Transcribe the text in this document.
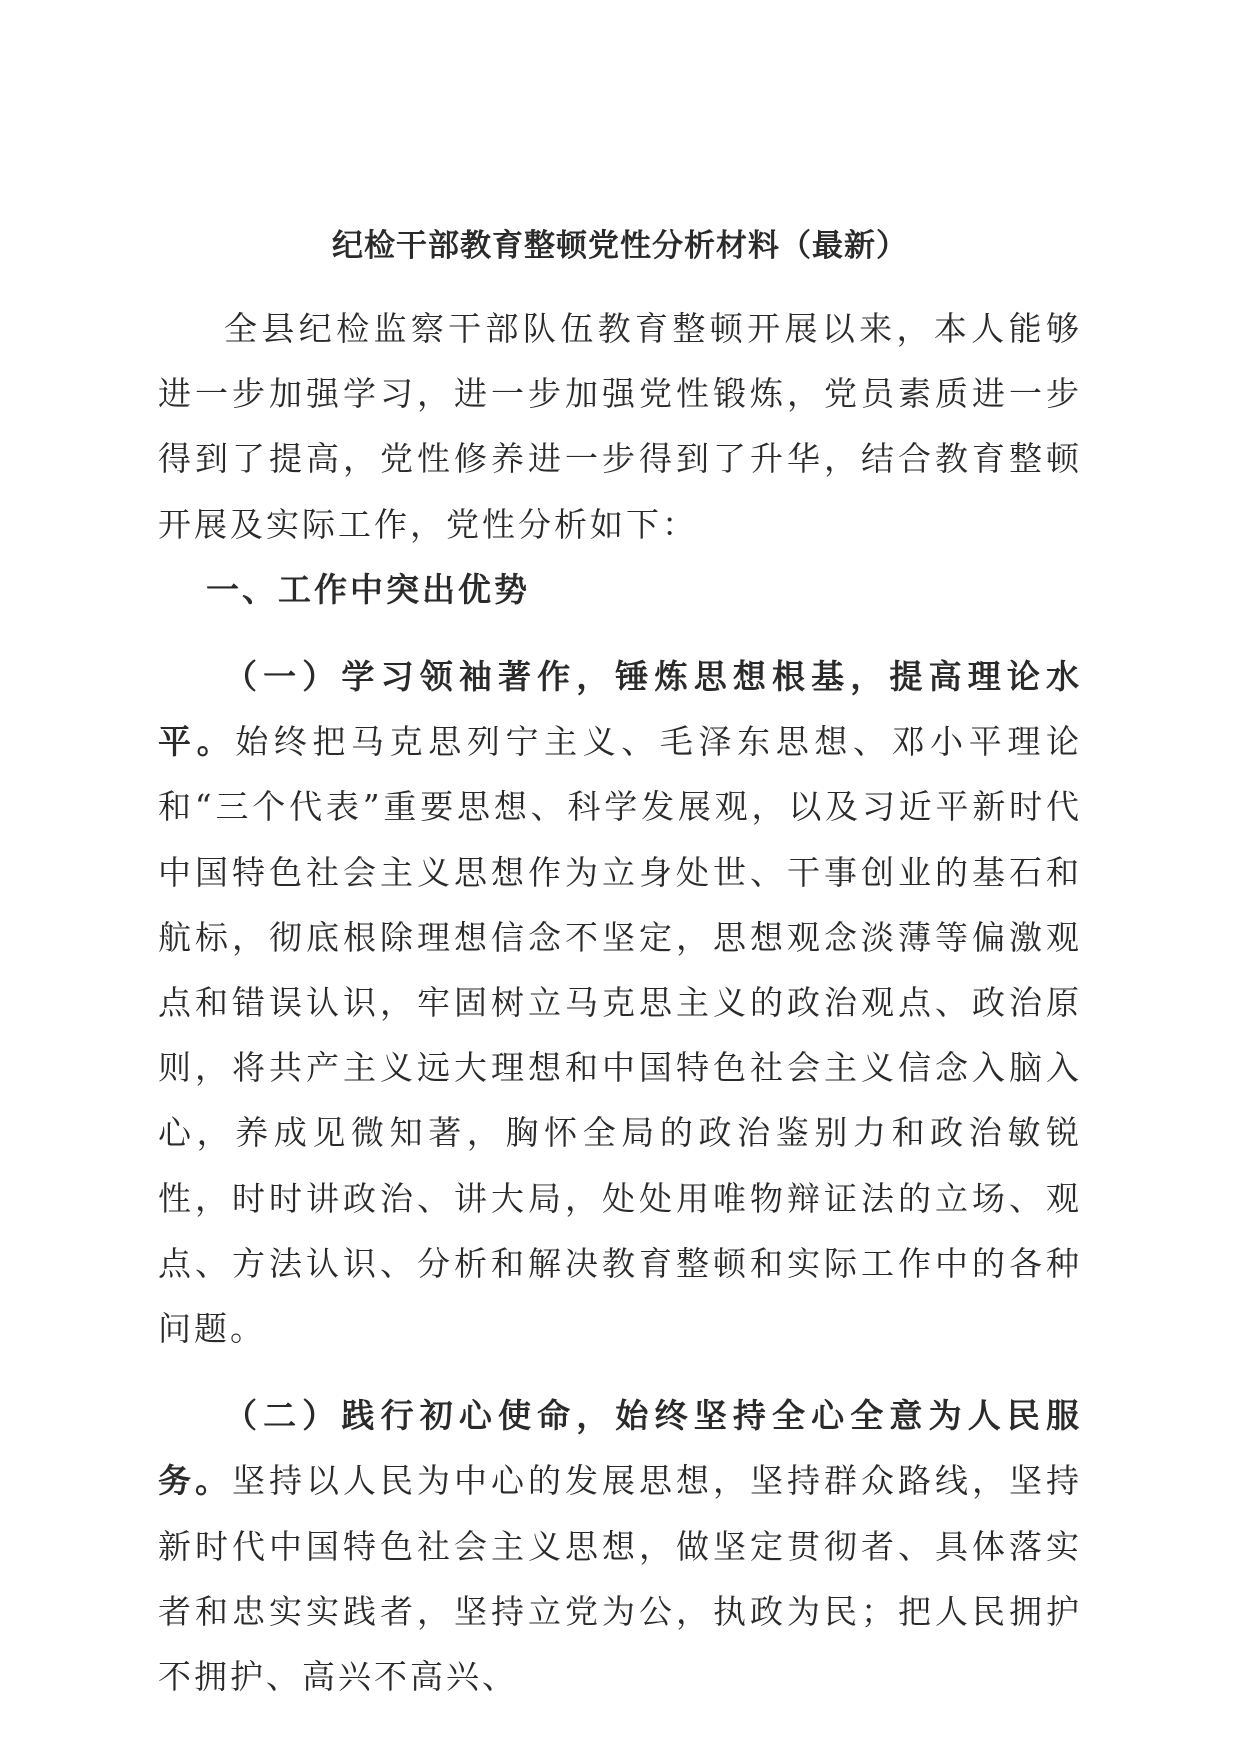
纪检干部教育整顿党性分析材料（最新）

全县纪检监察干部队伍教育整顿开展以来，本人能够进一步加强学习，进一步加强党性锻炼，党员素质进一步得到了提高，党性修养进一步得到了升华，结合教育整顿开展及实际工作，党性分析如下：

一、工作中突出优势

（一）学习领袖著作，锤炼思想根基，提高理论水平。始终把马克思列宁主义、毛泽东思想、邓小平理论和“三个代表”重要思想、科学发展观，以及习近平新时代中国特色社会主义思想作为立身处世、干事创业的基石和航标，彻底根除理想信念不坚定，思想观念淡薄等偏激观点和错误认识，牢固树立马克思主义的政治观点、政治原则，将共产主义远大理想和中国特色社会主义信念入脑入心，养成见微知著，胸怀全局的政治鉴别力和政治敏锐性，时时讲政治、讲大局，处处用唯物辩证法的立场、观点、方法认识、分析和解决教育整顿和实际工作中的各种问题。

（二）践行初心使命，始终坚持全心全意为人民服务。坚持以人民为中心的发展思想，坚持群众路线，坚持新时代中国特色社会主义思想，做坚定贯彻者、具体落实者和忠实实践者，坚持立党为公，执政为民；把人民拥护不拥护、高兴不高兴、
